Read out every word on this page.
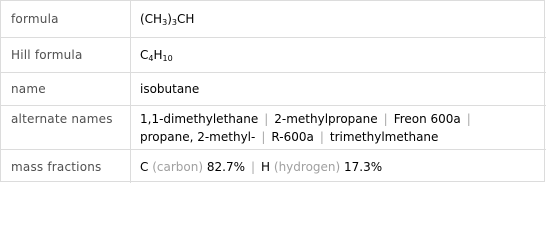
formula	$(CH_3)_3CH$
Hill formula	$C_4H_{10}$
name	isobutane
alternate names 1,1-dimethylethane | 2-methylpropane | Freon 600a |
propane, 2-methyl- | R-600a | trimethylmethane
mass fractions	C (carbon) 82.7% | H (hydrogen) 17.3%
